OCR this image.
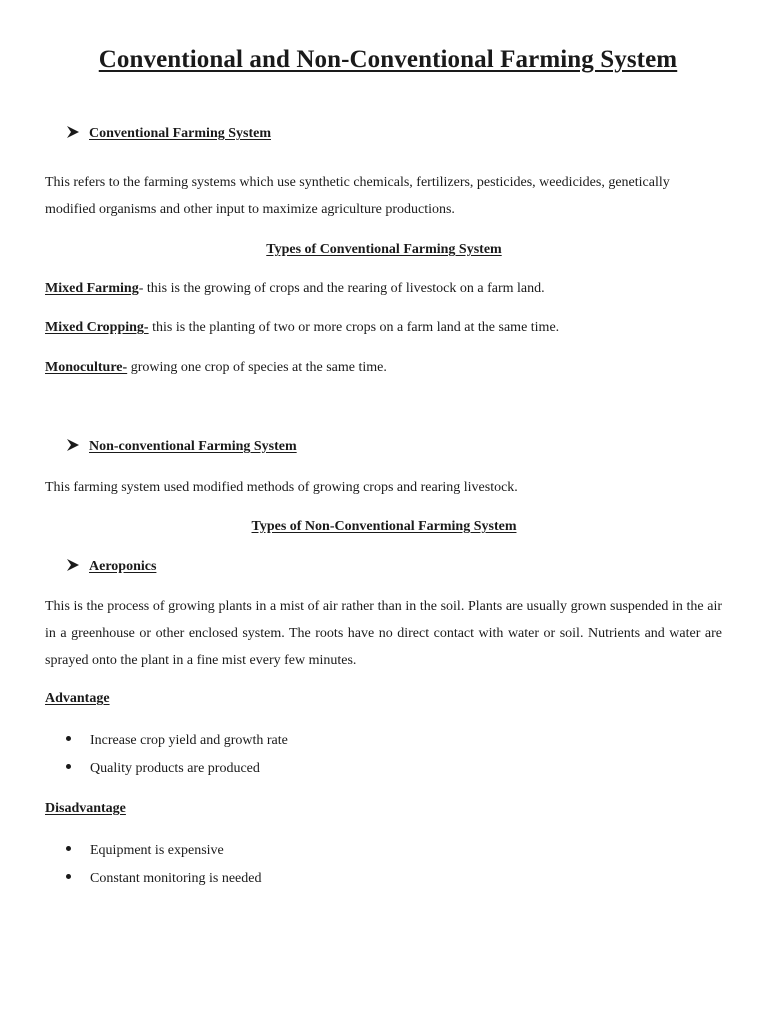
Conventional and Non-Conventional Farming System
Conventional Farming System
This refers to the farming systems which use synthetic chemicals, fertilizers, pesticides, weedicides, genetically modified organisms and other input to maximize agriculture productions.
Types of Conventional Farming System
Mixed Farming- this is the growing of crops and the rearing of livestock on a farm land.
Mixed Cropping- this is the planting of two or more crops on a farm land at the same time.
Monoculture- growing one crop of species at the same time.
Non-conventional Farming System
This farming system used modified methods of growing crops and rearing livestock.
Types of Non-Conventional Farming System
Aeroponics
This is the process of growing plants in a mist of air rather than in the soil. Plants are usually grown suspended in the air in a greenhouse or other enclosed system. The roots have no direct contact with water or soil. Nutrients and water are sprayed onto the plant in a fine mist every few minutes.
Advantage
Increase crop yield and growth rate
Quality products are produced
Disadvantage
Equipment is expensive
Constant monitoring is needed
